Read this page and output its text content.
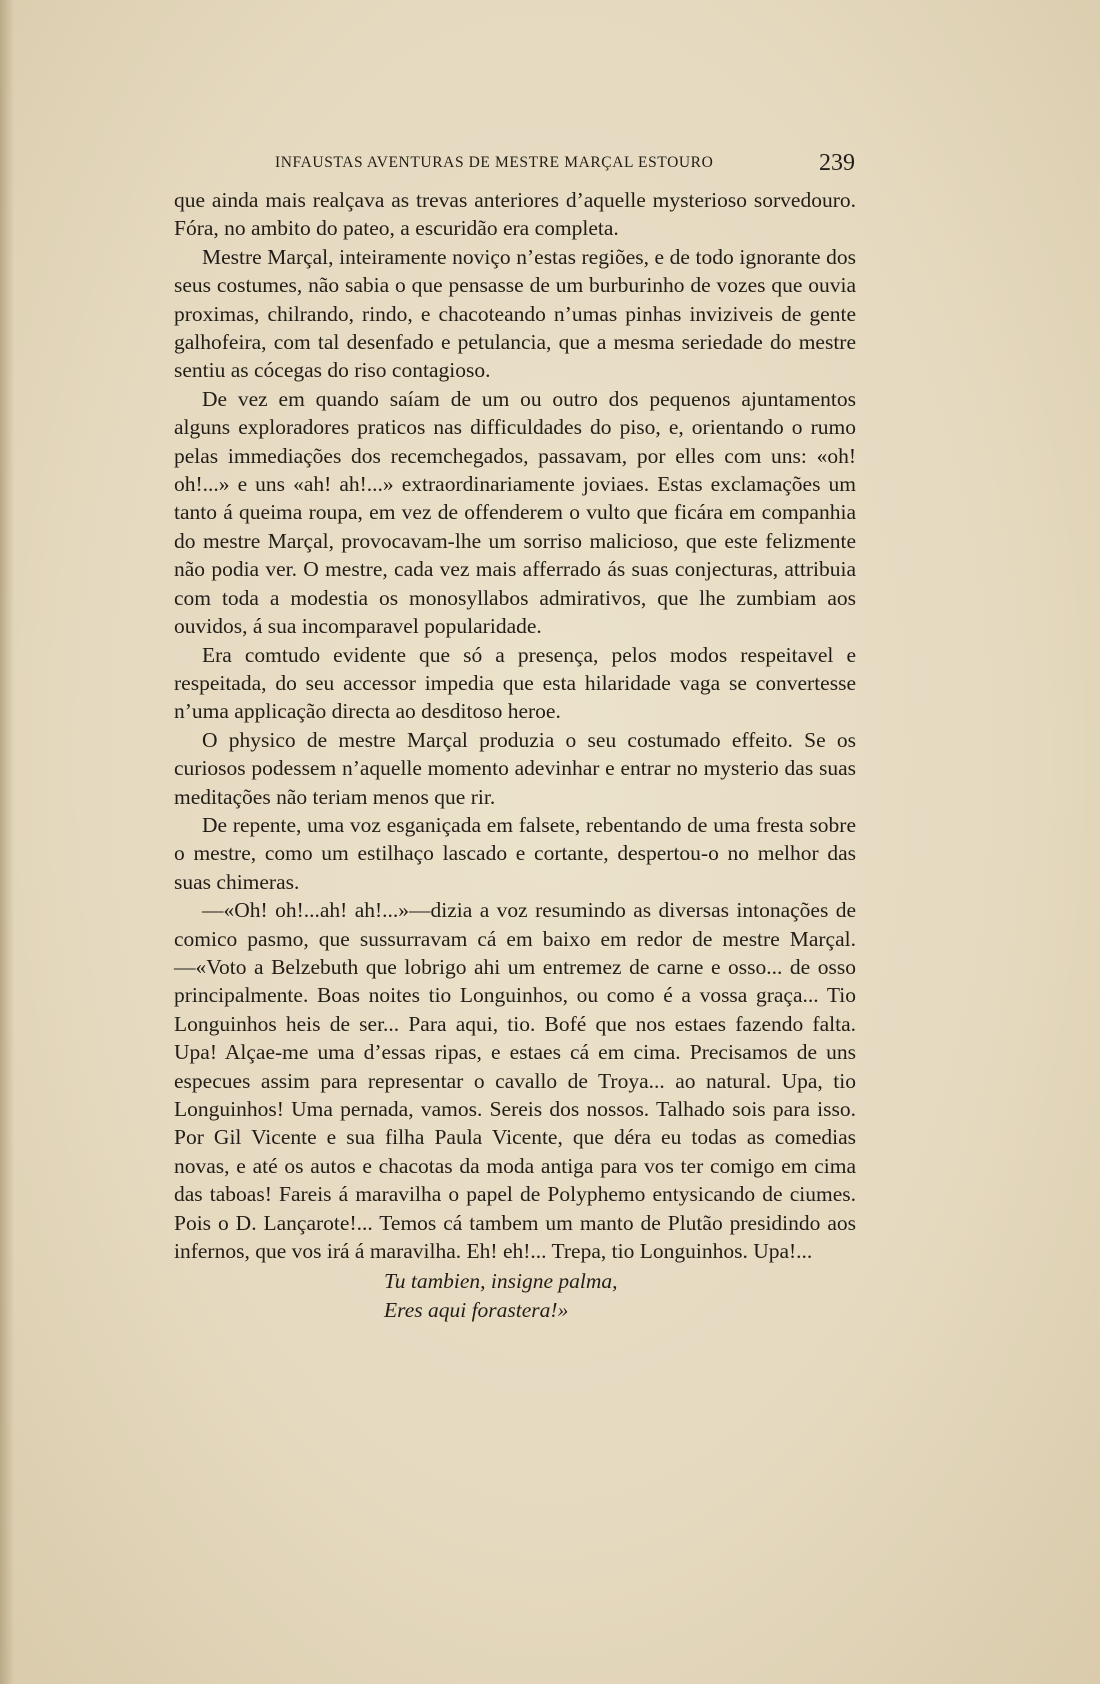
INFAUSTAS AVENTURAS DE MESTRE MARÇAL ESTOURO	239

que ainda mais realçava as trevas anteriores d’aquelle mysterioso sorvedouro. Fóra, no ambito do pateo, a escuridão era completa.

Mestre Marçal, inteiramente noviço n’estas regiões, e de todo ignorante dos seus costumes, não sabia o que pensasse de um burburinho de vozes que ouvia proximas, chilrando, rindo, e chacoteando n’umas pinhas inviziveis de gente galhofeira, com tal desenfado e petulancia, que a mesma seriedade do mestre sentiu as cócegas do riso contagioso.

De vez em quando saíam de um ou outro dos pequenos ajuntamentos alguns exploradores praticos nas difficuldades do piso, e, orientando o rumo pelas immediações dos recemchegados, passavam, por elles com uns: «oh! oh!...» e uns «ah! ah!...» extraordinariamente joviaes. Estas exclamações um tanto á queima roupa, em vez de offenderem o vulto que ficára em companhia do mestre Marçal, provocavam-lhe um sorriso malicioso, que este felizmente não podia ver. O mestre, cada vez mais afferrado ás suas conjecturas, attribuia com toda a modestia os monosyllabos admirativos, que lhe zumbiam aos ouvidos, á sua incomparavel popularidade.

Era comtudo evidente que só a presença, pelos modos respeitavel e respeitada, do seu accessor impedia que esta hilaridade vaga se convertesse n’uma applicação directa ao desditoso heroe.

O physico de mestre Marçal produzia o seu costumado effeito. Se os curiosos podessem n’aquelle momento adevinhar e entrar no mysterio das suas meditações não teriam menos que rir.

De repente, uma voz esganiçada em falsete, rebentando de uma fresta sobre o mestre, como um estilhaço lascado e cortante, despertou-o no melhor das suas chimeras.

—«Oh! oh!...ah! ah!...»—dizia a voz resumindo as diversas intonações de comico pasmo, que sussurravam cá em baixo em redor de mestre Marçal.—«Voto a Belzebuth que lobrigo ahi um entremez de carne e osso... de osso principalmente. Boas noites tio Longuinhos, ou como é a vossa graça... Tio Longuinhos heis de ser... Para aqui, tio. Bofé que nos estaes fazendo falta. Upa! Alçae-me uma d’essas ripas, e estaes cá em cima. Precisamos de uns especues assim para representar o cavallo de Troya... ao natural. Upa, tio Longuinhos! Uma pernada, vamos. Sereis dos nossos. Talhado sois para isso. Por Gil Vicente e sua filha Paula Vicente, que déra eu todas as comedias novas, e até os autos e chacotas da moda antiga para vos ter comigo em cima das taboas! Fareis á maravilha o papel de Polyphemo entysicando de ciumes. Pois o D. Lançarote!... Temos cá tambem um manto de Plutão presidindo aos infernos, que vos irá á maravilha. Eh! eh!... Trepa, tio Longuinhos. Upa!...

Tu tambien, insigne palma,
Eres aqui forastera!»
